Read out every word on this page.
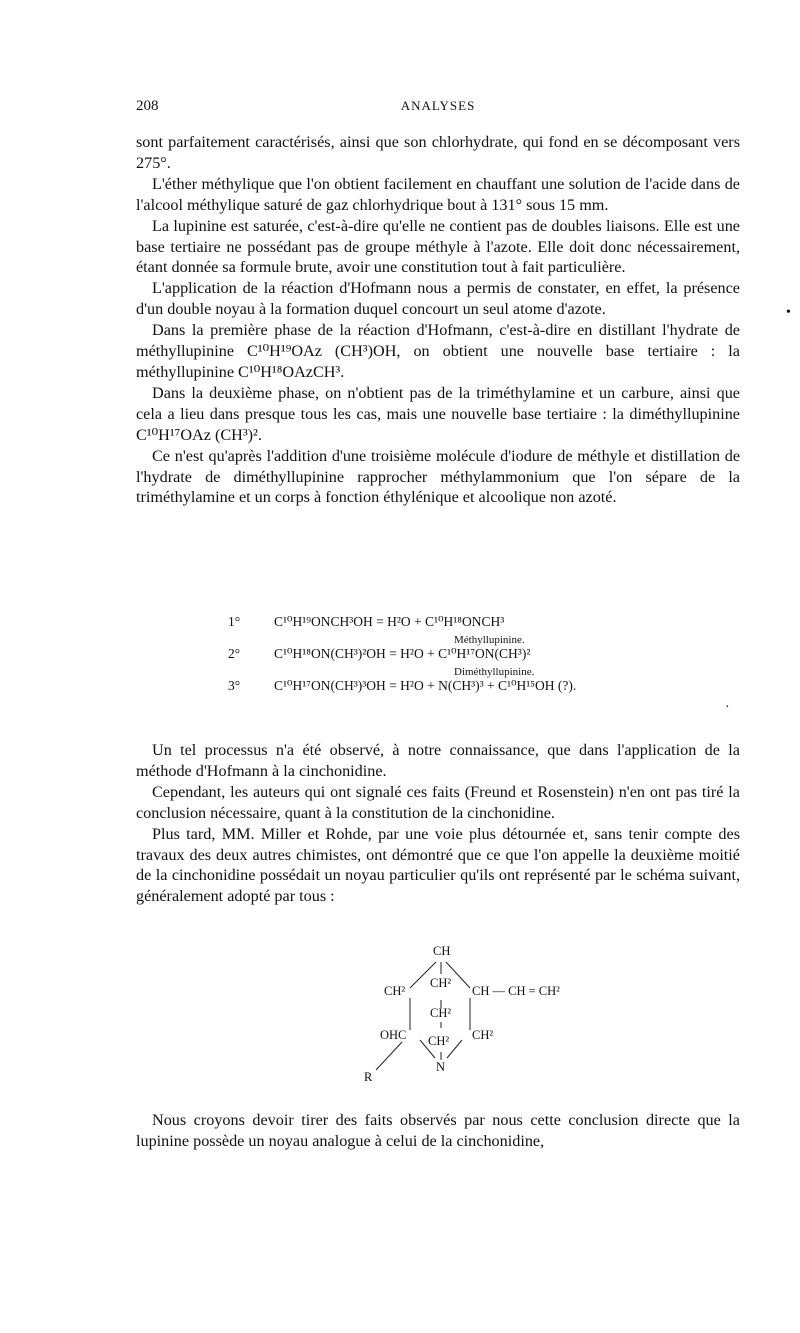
208	ANALYSES

sont parfaitement caractérisés, ainsi que son chlorhydrate, qui fond en se décomposant vers 275°.

L'éther méthylique que l'on obtient facilement en chauffant une solution de l'acide dans de l'alcool méthylique saturé de gaz chlorhydrique bout à 131° sous 15 mm.

La lupinine est saturée, c'est-à-dire qu'elle ne contient pas de doubles liaisons. Elle est une base tertiaire ne possédant pas de groupe méthyle à l'azote. Elle doit donc nécessairement, étant donnée sa formule brute, avoir une constitution tout à fait particulière.

L'application de la réaction d'Hofmann nous a permis de constater, en effet, la présence d'un double noyau à la formation duquel concourt un seul atome d'azote.

Dans la première phase de la réaction d'Hofmann, c'est-à-dire en distillant l'hydrate de méthyllupinine C¹⁰H¹⁹OAz (CH³)OH, on obtient une nouvelle base tertiaire : la méthyllupinine C¹⁰H¹⁸OAzCH³.

Dans la deuxième phase, on n'obtient pas de la triméthylamine et un carbure, ainsi que cela a lieu dans presque tous les cas, mais une nouvelle base tertiaire : la diméthyllupinine C¹⁰H¹⁷OAz (CH³)².

Ce n'est qu'après l'addition d'une troisième molécule d'iodure de méthyle et distillation de l'hydrate de diméthyllupinine rapprocher méthylammonium que l'on sépare de la triméthylamine et un corps à fonction éthylénique et alcoolique non azoté.

•
·
1°	C¹⁰H¹⁹ONCH³OH = H²O + C¹⁰H¹⁸ONCH³
Méthyllupinine.
2°	C¹⁰H¹⁸ON(CH³)²OH = H²O + C¹⁰H¹⁷ON(CH³)²
Diméthyllupinine.
3°	C¹⁰H¹⁷ON(CH³)³OH = H²O + N(CH³)³ + C¹⁰H¹⁵OH (?).

Un tel processus n'a été observé, à notre connaissance, que dans l'application de la méthode d'Hofmann à la cinchonidine.

Cependant, les auteurs qui ont signalé ces faits (Freund et Rosenstein) n'en ont pas tiré la conclusion nécessaire, quant à la constitution de la cinchonidine.

Plus tard, MM. Miller et Rohde, par une voie plus détournée et, sans tenir compte des travaux des deux autres chimistes, ont démontré que ce que l'on appelle la deuxième moitié de la cinchonidine possédait un noyau particulier qu'ils ont représenté par le schéma suivant, généralement adopté par tous :

CH
CH²
CH²
CH — CH = CH²
CH²
OHC CH² CH²
N
R

Nous croyons devoir tirer des faits observés par nous cette conclusion directe que la lupinine possède un noyau analogue à celui de la cinchonidine,
